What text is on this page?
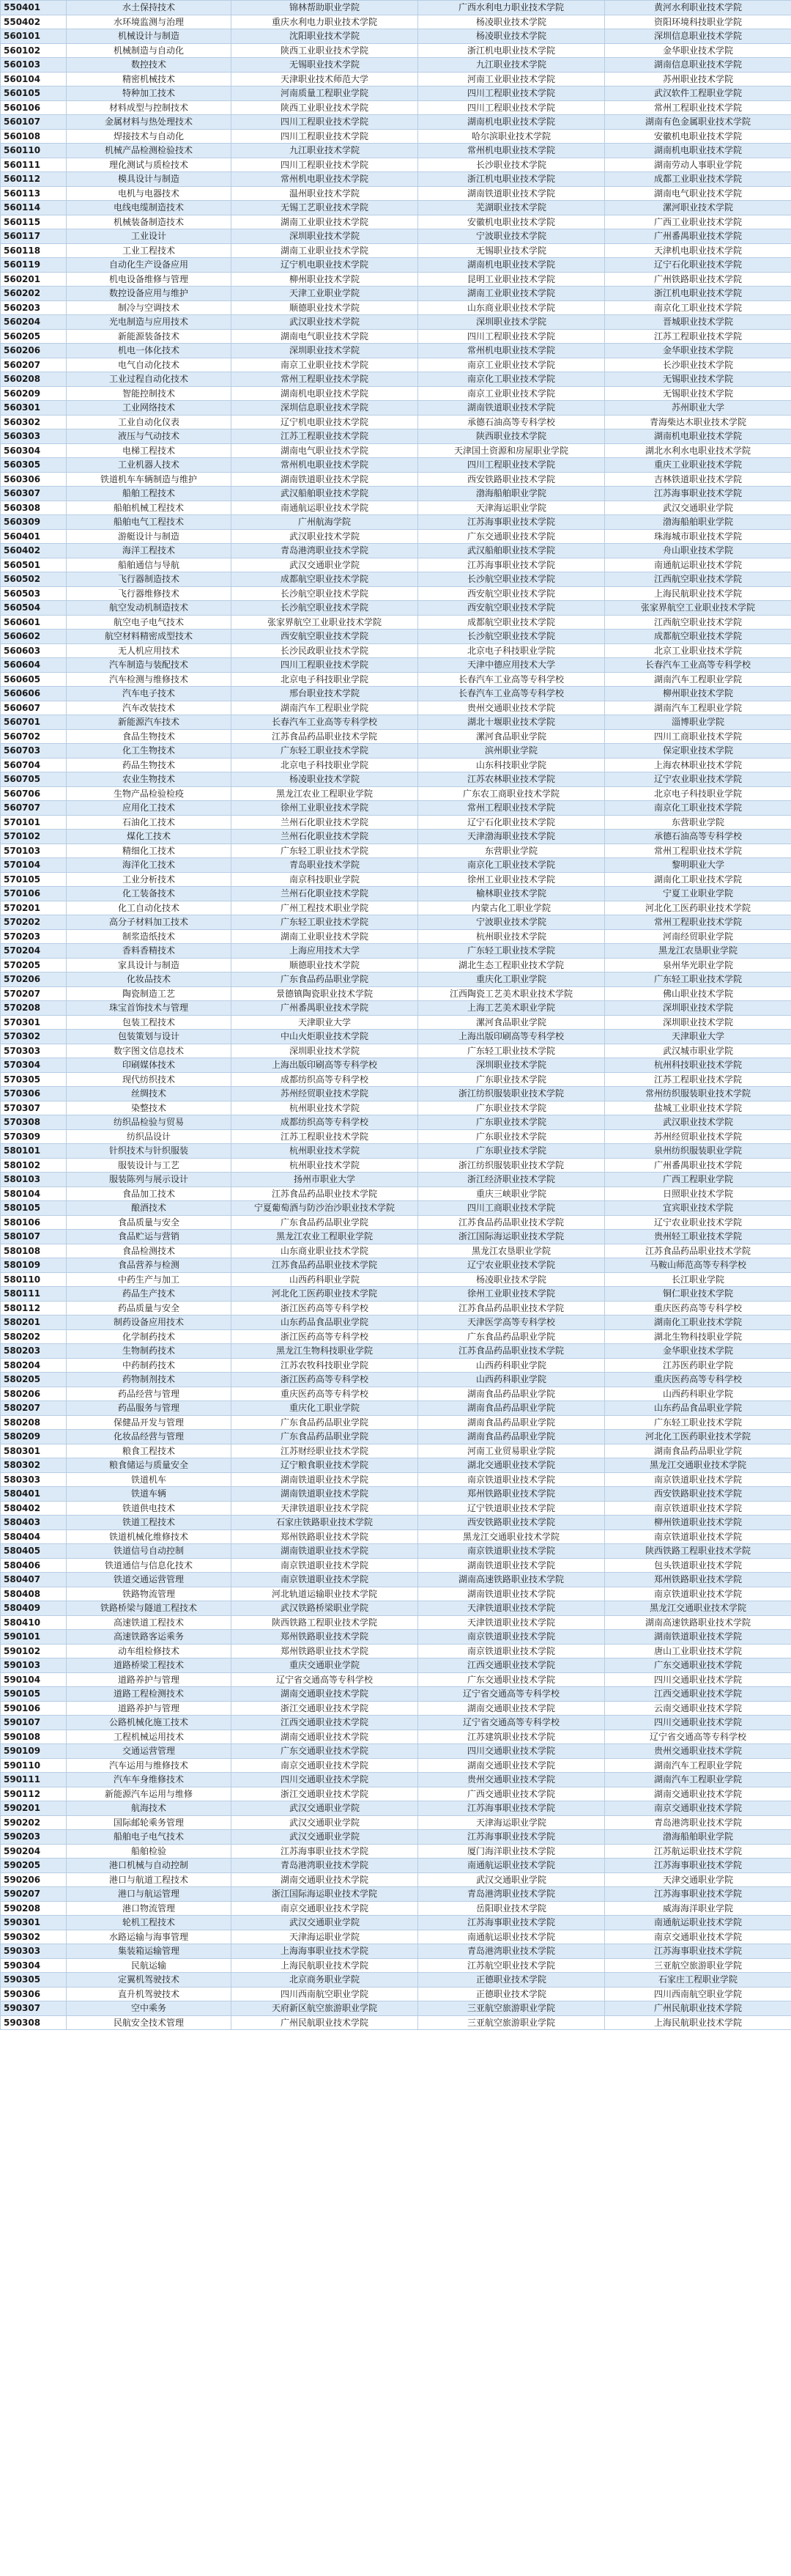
550401	水土保持技术	锦林帮助职业学院	广西水利电力职业技术学院	黄河水利职业技术学院
550402	水环境监测与治理	重庆水利电力职业技术学院	杨凌职业技术学院	资阳环境科技职业学院
560101	机械设计与制造	沈阳职业技术学院	杨凌职业技术学院	深圳信息职业技术学院
560102	机械制造与自动化	陕西工业职业技术学院	浙江机电职业技术学院	金华职业技术学院
560103	数控技术	无锡职业技术学院	九江职业技术学院	湖南信息职业技术学院
560104	精密机械技术	天津职业技术师范大学	河南工业职业技术学院	苏州职业技术学院
560105	特种加工技术	河南质量工程职业学院	四川工程职业技术学院	武汉软件工程职业学院
560106	材料成型与控制技术	陕西工业职业技术学院	四川工程职业技术学院	常州工程职业技术学院
560107	金属材料与热处理技术	四川工程职业技术学院	湖南机电职业技术学院	湖南有色金属职业技术学院
560108	焊接技术与自动化	四川工程职业技术学院	哈尔滨职业技术学院	安徽机电职业技术学院
560110	机械产品检测检验技术	九江职业技术学院	常州机电职业技术学院	湖南机电职业技术学院
560111	理化测试与质检技术	四川工程职业技术学院	长沙职业技术学院	湖南劳动人事职业学院
560112	模具设计与制造	常州机电职业技术学院	浙江机电职业技术学院	成都工业职业技术学院
560113	电机与电器技术	温州职业技术学院	湖南铁道职业技术学院	湖南电气职业技术学院
560114	电线电缆制造技术	无锡工艺职业技术学院	芜湖职业技术学院	漯河职业技术学院
560115	机械装备制造技术	湖南工业职业技术学院	安徽机电职业技术学院	广西工业职业技术学院
560117	工业设计	深圳职业技术学院	宁波职业技术学院	广州番禺职业技术学院
560118	工业工程技术	湖南工业职业技术学院	无锡职业技术学院	天津机电职业技术学院
560119	自动化生产设备应用	辽宁机电职业技术学院	湖南机电职业技术学院	辽宁石化职业技术学院
560201	机电设备维修与管理	柳州职业技术学院	昆明工业职业技术学院	广州铁路职业技术学院
560202	数控设备应用与维护	天津工业职业学院	湖南工业职业技术学院	浙江机电职业技术学院
560203	制冷与空调技术	顺德职业技术学院	山东商业职业技术学院	南京化工职业技术学院
560204	光电制造与应用技术	武汉职业技术学院	深圳职业技术学院	晋城职业技术学院
560205	新能源装备技术	湖南电气职业技术学院	四川工程职业技术学院	江苏工程职业技术学院
560206	机电一体化技术	深圳职业技术学院	常州机电职业技术学院	金华职业技术学院
560207	电气自动化技术	南京工业职业技术学院	南京工业职业技术学院	长沙职业技术学院
560208	工业过程自动化技术	常州工程职业技术学院	南京化工职业技术学院	无锡职业技术学院
560209	智能控制技术	湖南机电职业技术学院	南京工业职业技术学院	无锡职业技术学院
560301	工业网络技术	深圳信息职业技术学院	湖南铁道职业技术学院	苏州职业大学
560302	工业自动化仪表	辽宁机电职业技术学院	承德石油高等专科学校	青海柴达木职业技术学院
560303	液压与气动技术	江苏工程职业技术学院	陕西职业技术学院	湖南机电职业技术学院
560304	电梯工程技术	湖南电气职业技术学院	天津国土资源和房屋职业学院	湖北水利水电职业技术学院
560305	工业机器人技术	常州机电职业技术学院	四川工程职业技术学院	重庆工业职业技术学院
560306	铁道机车车辆制造与维护	湖南铁道职业技术学院	西安铁路职业技术学院	吉林铁道职业技术学院
560307	船舶工程技术	武汉船舶职业技术学院	渤海船舶职业学院	江苏海事职业技术学院
560308	船舶机械工程技术	南通航运职业技术学院	天津海运职业学院	武汉交通职业学院
560309	船舶电气工程技术	广州航海学院	江苏海事职业技术学院	渤海船舶职业学院
560401	游艇设计与制造	武汉职业技术学院	广东交通职业技术学院	珠海城市职业技术学院
560402	海洋工程技术	青岛港湾职业技术学院	武汉船舶职业技术学院	舟山职业技术学院
560501	船舶通信与导航	武汉交通职业学院	江苏海事职业技术学院	南通航运职业技术学院
560502	飞行器制造技术	成都航空职业技术学院	长沙航空职业技术学院	江西航空职业技术学院
560503	飞行器维修技术	长沙航空职业技术学院	西安航空职业技术学院	上海民航职业技术学院
560504	航空发动机制造技术	长沙航空职业技术学院	西安航空职业技术学院	张家界航空工业职业技术学院
560601	航空电子电气技术	张家界航空工业职业技术学院	成都航空职业技术学院	江西航空职业技术学院
560602	航空材料精密成型技术	西安航空职业技术学院	长沙航空职业技术学院	成都航空职业技术学院
560603	无人机应用技术	长沙民政职业技术学院	北京电子科技职业学院	北京工业职业技术学院
560604	汽车制造与装配技术	四川工程职业技术学院	天津中德应用技术大学	长春汽车工业高等专科学校
560605	汽车检测与维修技术	北京电子科技职业学院	长春汽车工业高等专科学校	湖南汽车工程职业学院
560606	汽车电子技术	邢台职业技术学院	长春汽车工业高等专科学校	柳州职业技术学院
560607	汽车改装技术	湖南汽车工程职业学院	贵州交通职业技术学院	湖南汽车工程职业学院
560701	新能源汽车技术	长春汽车工业高等专科学校	湖北十堰职业技术学院	淄博职业学院
560702	食品生物技术	江苏食品药品职业技术学院	漯河食品职业学院	四川工商职业技术学院
560703	化工生物技术	广东轻工职业技术学院	滨州职业学院	保定职业技术学院
560704	药品生物技术	北京电子科技职业学院	山东科技职业学院	上海农林职业技术学院
560705	农业生物技术	杨凌职业技术学院	江苏农林职业技术学院	辽宁农业职业技术学院
560706	生物产品检验检疫	黑龙江农业工程职业学院	广东农工商职业技术学院	北京电子科技职业学院
560707	应用化工技术	徐州工业职业技术学院	常州工程职业技术学院	南京化工职业技术学院
570101	石油化工技术	兰州石化职业技术学院	辽宁石化职业技术学院	东营职业学院
570102	煤化工技术	兰州石化职业技术学院	天津渤海职业技术学院	承德石油高等专科学校
570103	精细化工技术	广东轻工职业技术学院	东营职业学院	常州工程职业技术学院
570104	海洋化工技术	青岛职业技术学院	南京化工职业技术学院	黎明职业大学
570105	工业分析技术	南京科技职业学院	徐州工业职业技术学院	湖南化工职业技术学院
570106	化工装备技术	兰州石化职业技术学院	榆林职业技术学院	宁夏工业职业学院
570201	化工自动化技术	广州工程技术职业学院	内蒙古化工职业学院	河北化工医药职业技术学院
570202	高分子材料加工技术	广东轻工职业技术学院	宁波职业技术学院	常州工程职业技术学院
570203	制浆造纸技术	湖南工业职业技术学院	杭州职业技术学院	河南经贸职业学院
570204	香料香精技术	上海应用技术大学	广东轻工职业技术学院	黑龙江农垦职业学院
570205	家具设计与制造	顺德职业技术学院	湖北生态工程职业技术学院	泉州华光职业学院
570206	化妆品技术	广东食品药品职业学院	重庆化工职业学院	广东轻工职业技术学院
570207	陶瓷制造工艺	景德镇陶瓷职业技术学院	江西陶瓷工艺美术职业技术学院	佛山职业技术学院
570208	珠宝首饰技术与管理	广州番禺职业技术学院	上海工艺美术职业学院	深圳职业技术学院
570301	包装工程技术	天津职业大学	漯河食品职业学院	深圳职业技术学院
570302	包装策划与设计	中山火炬职业技术学院	上海出版印刷高等专科学校	天津职业大学
570303	数字图文信息技术	深圳职业技术学院	广东轻工职业技术学院	武汉城市职业学院
570304	印刷媒体技术	上海出版印刷高等专科学校	深圳职业技术学院	杭州科技职业技术学院
570305	现代纺织技术	成都纺织高等专科学校	广东职业技术学院	江苏工程职业技术学院
570306	丝绸技术	苏州经贸职业技术学院	浙江纺织服装职业技术学院	常州纺织服装职业技术学院
570307	染整技术	杭州职业技术学院	广东职业技术学院	盐城工业职业技术学院
570308	纺织品检验与贸易	成都纺织高等专科学校	广东职业技术学院	武汉职业技术学院
570309	纺织品设计	江苏工程职业技术学院	广东职业技术学院	苏州经贸职业技术学院
580101	针织技术与针织服装	杭州职业技术学院	广东职业技术学院	泉州纺织服装职业学院
580102	服装设计与工艺	杭州职业技术学院	浙江纺织服装职业技术学院	广州番禺职业技术学院
580103	服装陈列与展示设计	扬州市职业大学	浙江经济职业技术学院	广西工程职业学院
580104	食品加工技术	江苏食品药品职业技术学院	重庆三峡职业学院	日照职业技术学院
580105	酿酒技术	宁夏葡萄酒与防沙治沙职业技术学院	四川工商职业技术学院	宜宾职业技术学院
580106	食品质量与安全	广东食品药品职业学院	江苏食品药品职业技术学院	辽宁农业职业技术学院
580107	食品贮运与营销	黑龙江农业工程职业学院	浙江国际海运职业技术学院	贵州轻工职业技术学院
580108	食品检测技术	山东商业职业技术学院	黑龙江农垦职业学院	江苏食品药品职业技术学院
580109	食品营养与检测	江苏食品药品职业技术学院	辽宁农业职业技术学院	马鞍山师范高等专科学校
580110	中药生产与加工	山西药科职业学院	杨凌职业技术学院	长江职业学院
580111	药品生产技术	河北化工医药职业技术学院	徐州工业职业技术学院	铜仁职业技术学院
580112	药品质量与安全	浙江医药高等专科学校	江苏食品药品职业技术学院	重庆医药高等专科学校
580201	制药设备应用技术	山东药品食品职业学院	天津医学高等专科学校	湖南化工职业技术学院
580202	化学制药技术	浙江医药高等专科学校	广东食品药品职业学院	湖北生物科技职业学院
580203	生物制药技术	黑龙江生物科技职业学院	江苏食品药品职业技术学院	金华职业技术学院
580204	中药制药技术	江苏农牧科技职业学院	山西药科职业学院	江苏医药职业学院
580205	药物制剂技术	浙江医药高等专科学校	山西药科职业学院	重庆医药高等专科学校
580206	药品经营与管理	重庆医药高等专科学校	湖南食品药品职业学院	山西药科职业学院
580207	药品服务与管理	重庆化工职业学院	湖南食品药品职业学院	山东药品食品职业学院
580208	保健品开发与管理	广东食品药品职业学院	湖南食品药品职业学院	广东轻工职业技术学院
580209	化妆品经营与管理	广东食品药品职业学院	湖南食品药品职业学院	河北化工医药职业技术学院
580301	粮食工程技术	江苏财经职业技术学院	河南工业贸易职业学院	湖南食品药品职业学院
580302	粮食储运与质量安全	辽宁粮食职业技术学院	湖北交通职业技术学院	黑龙江交通职业技术学院
580303	铁道机车	湖南铁道职业技术学院	南京铁道职业技术学院	南京铁道职业技术学院
580401	铁道车辆	湖南铁道职业技术学院	郑州铁路职业技术学院	西安铁路职业技术学院
580402	铁道供电技术	天津铁道职业技术学院	辽宁铁道职业技术学院	南京铁道职业技术学院
580403	铁道工程技术	石家庄铁路职业技术学院	西安铁路职业技术学院	柳州铁道职业技术学院
580404	铁道机械化维修技术	郑州铁路职业技术学院	黑龙江交通职业技术学院	南京铁道职业技术学院
580405	铁道信号自动控制	湖南铁道职业技术学院	南京铁道职业技术学院	陕西铁路工程职业技术学院
580406	铁道通信与信息化技术	南京铁道职业技术学院	湖南铁道职业技术学院	包头铁道职业技术学院
580407	铁道交通运营管理	南京铁道职业技术学院	湖南高速铁路职业技术学院	郑州铁路职业技术学院
580408	铁路物流管理	河北轨道运输职业技术学院	湖南铁道职业技术学院	南京铁道职业技术学院
580409	铁路桥梁与隧道工程技术	武汉铁路桥梁职业学院	天津铁道职业技术学院	黑龙江交通职业技术学院
580410	高速铁道工程技术	陕西铁路工程职业技术学院	天津铁道职业技术学院	湖南高速铁路职业技术学院
590101	高速铁路客运乘务	郑州铁路职业技术学院	南京铁道职业技术学院	湖南铁道职业技术学院
590102	动车组检修技术	郑州铁路职业技术学院	南京铁道职业技术学院	唐山工业职业技术学院
590103	道路桥梁工程技术	重庆交通职业学院	江西交通职业技术学院	广东交通职业技术学院
590104	道路养护与管理	辽宁省交通高等专科学校	广东交通职业技术学院	四川交通职业技术学院
590105	道路工程检测技术	湖南交通职业技术学院	辽宁省交通高等专科学校	江西交通职业技术学院
590106	道路养护与管理	浙江交通职业技术学院	湖南交通职业技术学院	云南交通职业技术学院
590107	公路机械化施工技术	江西交通职业技术学院	辽宁省交通高等专科学校	四川交通职业技术学院
590108	工程机械运用技术	湖南交通职业技术学院	江苏建筑职业技术学院	辽宁省交通高等专科学校
590109	交通运营管理	广东交通职业技术学院	四川交通职业技术学院	贵州交通职业技术学院
590110	汽车运用与维修技术	南京交通职业技术学院	湖南交通职业技术学院	湖南汽车工程职业学院
590111	汽车车身维修技术	四川交通职业技术学院	贵州交通职业技术学院	湖南汽车工程职业学院
590112	新能源汽车运用与维修	浙江交通职业技术学院	广西交通职业技术学院	湖南交通职业技术学院
590201	航海技术	武汉交通职业学院	江苏海事职业技术学院	南京交通职业技术学院
590202	国际邮轮乘务管理	武汉交通职业学院	天津海运职业学院	青岛港湾职业技术学院
590203	船舶电子电气技术	武汉交通职业学院	江苏海事职业技术学院	渤海船舶职业学院
590204	船舶检验	江苏海事职业技术学院	厦门海洋职业技术学院	江苏航运职业技术学院
590205	港口机械与自动控制	青岛港湾职业技术学院	南通航运职业技术学院	江苏海事职业技术学院
590206	港口与航道工程技术	湖南交通职业技术学院	武汉交通职业学院	天津交通职业学院
590207	港口与航运管理	浙江国际海运职业技术学院	青岛港湾职业技术学院	江苏海事职业技术学院
590208	港口物流管理	南京交通职业技术学院	岳阳职业技术学院	威海海洋职业学院
590301	轮机工程技术	武汉交通职业学院	江苏海事职业技术学院	南通航运职业技术学院
590302	水路运输与海事管理	天津海运职业学院	南通航运职业技术学院	南京交通职业技术学院
590303	集装箱运输管理	上海海事职业技术学院	青岛港湾职业技术学院	江苏海事职业技术学院
590304	民航运输	上海民航职业技术学院	江苏航空职业技术学院	三亚航空旅游职业学院
590305	定翼机驾驶技术	北京商务职业学院	正德职业技术学院	石家庄工程职业学院
590306	直升机驾驶技术	四川西南航空职业学院	正德职业技术学院	四川西南航空职业学院
590307	空中乘务	天府新区航空旅游职业学院	三亚航空旅游职业学院	广州民航职业技术学院
590308	民航安全技术管理	广州民航职业技术学院	三亚航空旅游职业学院	上海民航职业技术学院
